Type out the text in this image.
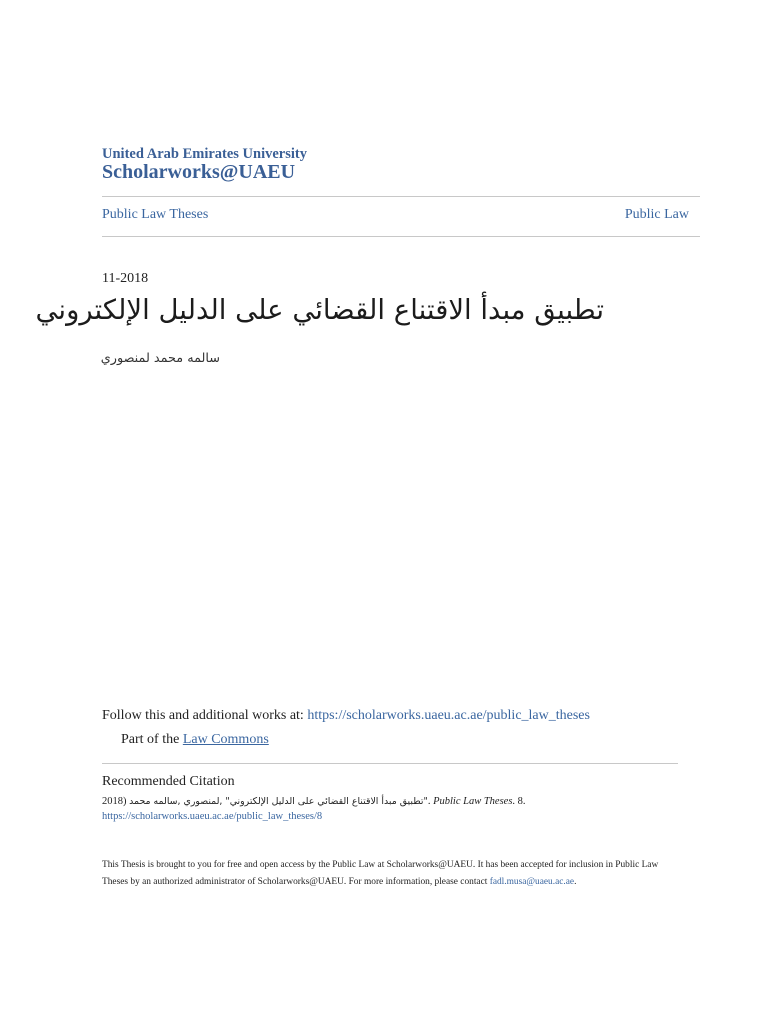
United Arab Emirates University
Scholarworks@UAEU
Public Law Theses	Public Law
11-2018
تطبيق مبدأ الاقتناع القضائي على الدليل الإلكتروني
سالمه محمد لمنصوري
Follow this and additional works at: https://scholarworks.uaeu.ac.ae/public_law_theses
Part of the Law Commons
Recommended Citation
2018) "تطبيق مبدأ الاقتناع القضائي على الدليل الإلكتروني" ,لمنصوري ,سالمه محمد. Public Law Theses. 8.
https://scholarworks.uaeu.ac.ae/public_law_theses/8
This Thesis is brought to you for free and open access by the Public Law at Scholarworks@UAEU. It has been accepted for inclusion in Public Law Theses by an authorized administrator of Scholarworks@UAEU. For more information, please contact fadl.musa@uaeu.ac.ae.
